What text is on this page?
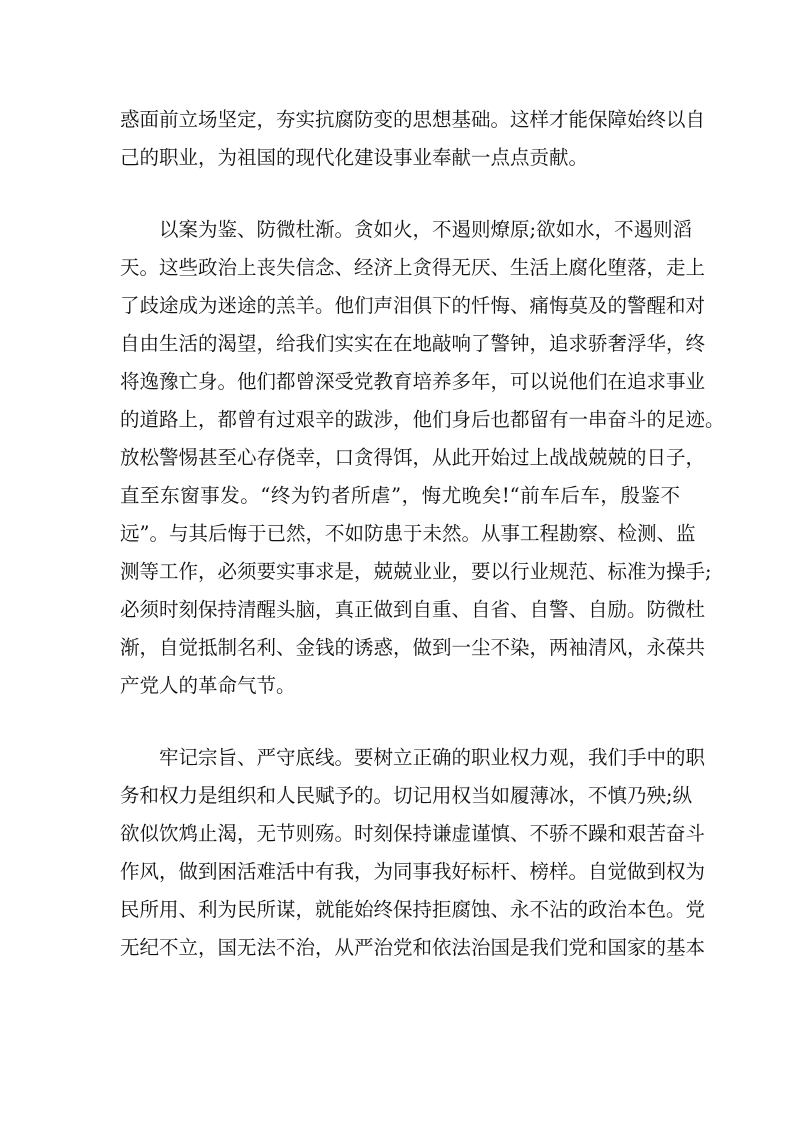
惑面前立场坚定，夯实抗腐防变的思想基础。这样才能保障始终以自
己的职业，为祖国的现代化建设事业奉献一点点贡献。
以案为鉴、防微杜渐。贪如火，不遏则燎原;欲如水，不遏则滔
天。这些政治上丧失信念、经济上贪得无厌、生活上腐化堕落，走上
了歧途成为迷途的羔羊。他们声泪俱下的忏悔、痛悔莫及的警醒和对
自由生活的渴望，给我们实实在在地敲响了警钟，追求骄奢浮华，终
将逸豫亡身。他们都曾深受党教育培养多年，可以说他们在追求事业
的道路上，都曾有过艰辛的跋涉，他们身后也都留有一串奋斗的足迹。
放松警惕甚至心存侥幸，口贪得饵，从此开始过上战战兢兢的日子，
直至东窗事发。“终为钓者所虐”，悔尤晚矣!“前车后车，殷鉴不
远”。与其后悔于已然，不如防患于未然。从事工程勘察、检测、监
测等工作，必须要实事求是，兢兢业业，要以行业规范、标准为操手;
必须时刻保持清醒头脑，真正做到自重、自省、自警、自励。防微杜
渐，自觉抵制名利、金钱的诱惑，做到一尘不染，两袖清风，永葆共
产党人的革命气节。
牢记宗旨、严守底线。要树立正确的职业权力观，我们手中的职
务和权力是组织和人民赋予的。切记用权当如履薄冰，不慎乃殃;纵
欲似饮鸩止渴，无节则殇。时刻保持谦虚谨慎、不骄不躁和艰苦奋斗
作风，做到困活难活中有我，为同事我好标杆、榜样。自觉做到权为
民所用、利为民所谋，就能始终保持拒腐蚀、永不沾的政治本色。党
无纪不立，国无法不治，从严治党和依法治国是我们党和国家的基本
